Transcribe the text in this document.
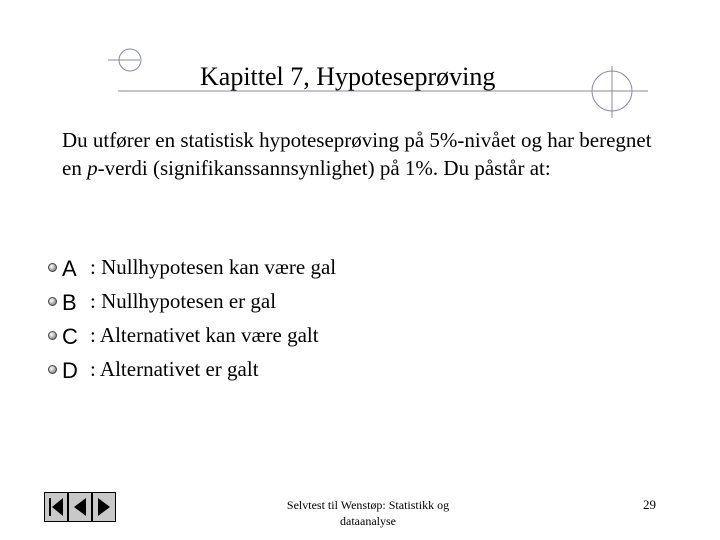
Kapittel 7, Hypoteseprøving
Du utfører en statistisk hypoteseprøving på 5%-nivået og har beregnet en p-verdi (signifikanssannsynlighet) på 1%. Du påstår at:
A : Nullhypotesen kan være gal
B : Nullhypotesen er gal
C : Alternativet kan være galt
D : Alternativet er galt
Selvtest til Wenstøp: Statistikk og
dataanalyse
29
